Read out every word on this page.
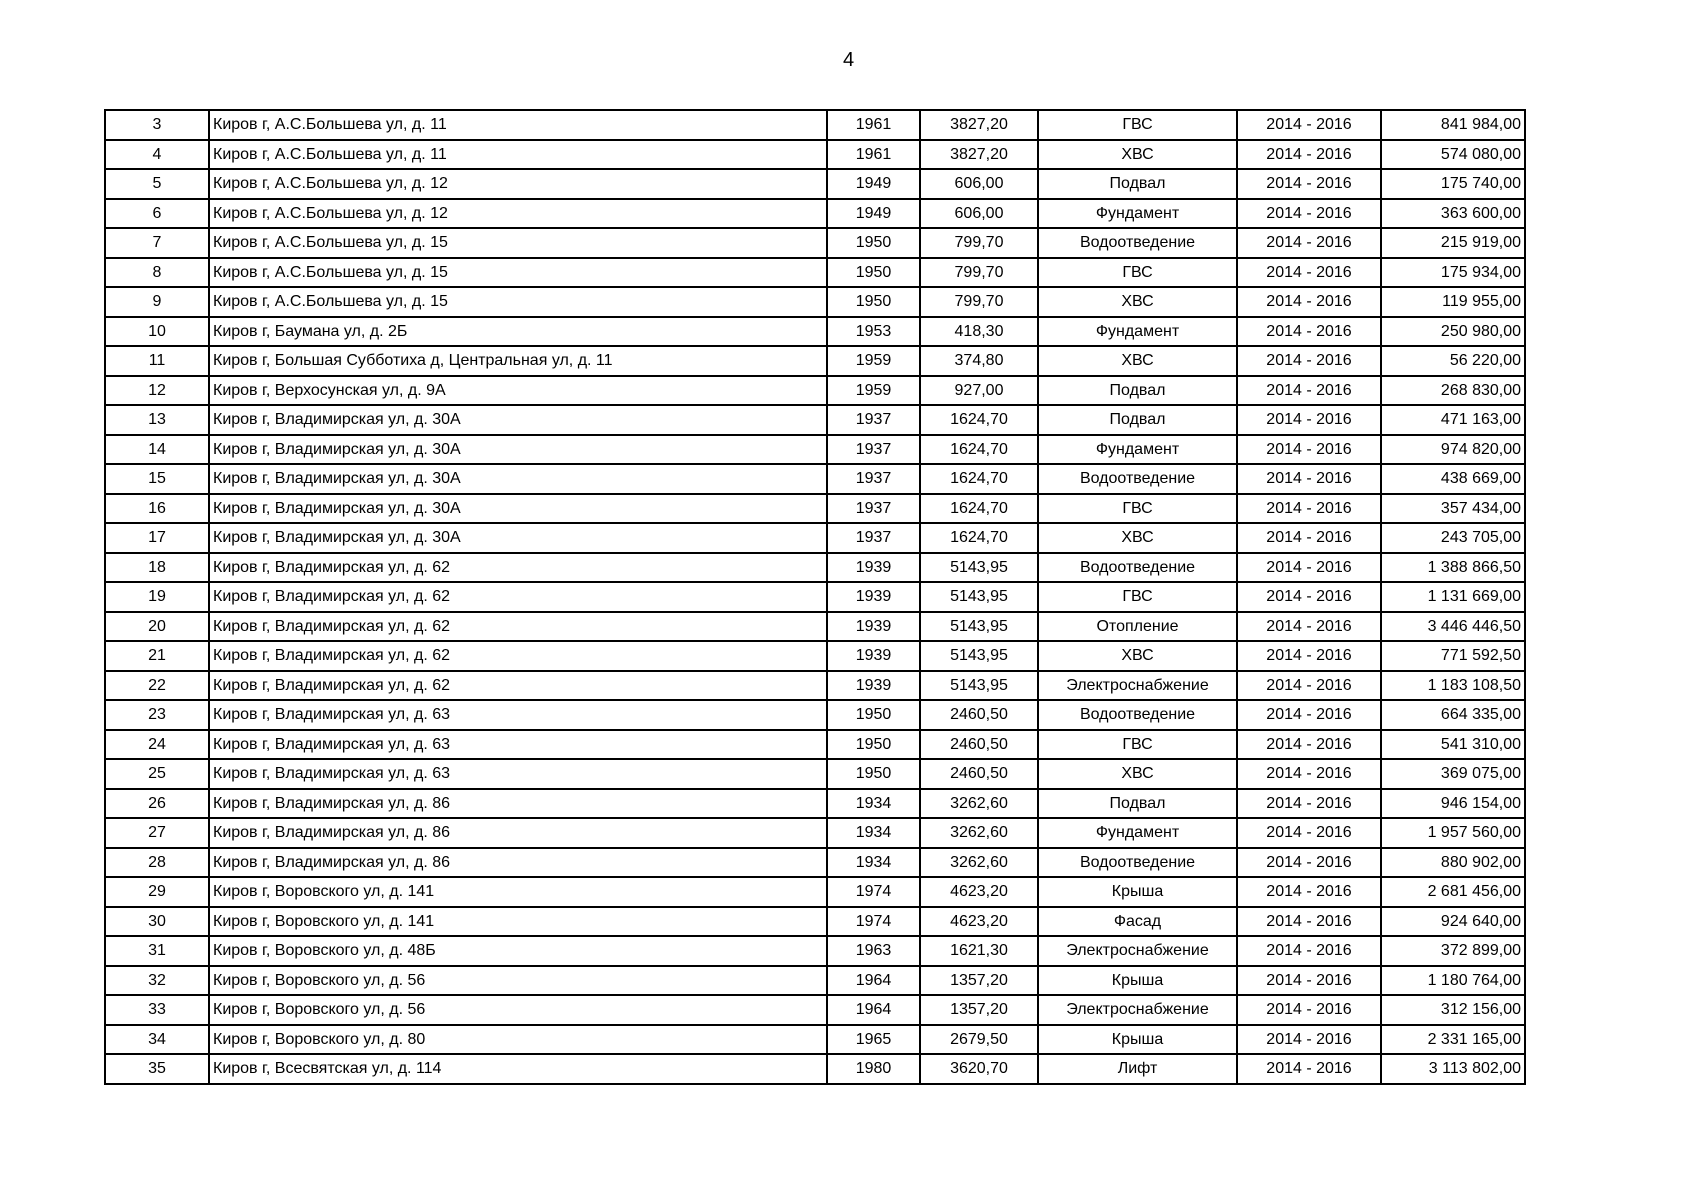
4
3	Киров г, А.С.Большева ул, д. 11	1961	3827,20	ГВС	2014 - 2016	841 984,00
4	Киров г, А.С.Большева ул, д. 11	1961	3827,20	ХВС	2014 - 2016	574 080,00
5	Киров г, А.С.Большева ул, д. 12	1949	606,00	Подвал	2014 - 2016	175 740,00
6	Киров г, А.С.Большева ул, д. 12	1949	606,00	Фундамент	2014 - 2016	363 600,00
7	Киров г, А.С.Большева ул, д. 15	1950	799,70	Водоотведение	2014 - 2016	215 919,00
8	Киров г, А.С.Большева ул, д. 15	1950	799,70	ГВС	2014 - 2016	175 934,00
9	Киров г, А.С.Большева ул, д. 15	1950	799,70	ХВС	2014 - 2016	119 955,00
10	Киров г, Баумана ул, д. 2Б	1953	418,30	Фундамент	2014 - 2016	250 980,00
11	Киров г, Большая Субботиха д, Центральная ул, д. 11	1959	374,80	ХВС	2014 - 2016	56 220,00
12	Киров г, Верхосунская ул, д. 9А	1959	927,00	Подвал	2014 - 2016	268 830,00
13	Киров г, Владимирская ул, д. 30А	1937	1624,70	Подвал	2014 - 2016	471 163,00
14	Киров г, Владимирская ул, д. 30А	1937	1624,70	Фундамент	2014 - 2016	974 820,00
15	Киров г, Владимирская ул, д. 30А	1937	1624,70	Водоотведение	2014 - 2016	438 669,00
16	Киров г, Владимирская ул, д. 30А	1937	1624,70	ГВС	2014 - 2016	357 434,00
17	Киров г, Владимирская ул, д. 30А	1937	1624,70	ХВС	2014 - 2016	243 705,00
18	Киров г, Владимирская ул, д. 62	1939	5143,95	Водоотведение	2014 - 2016	1 388 866,50
19	Киров г, Владимирская ул, д. 62	1939	5143,95	ГВС	2014 - 2016	1 131 669,00
20	Киров г, Владимирская ул, д. 62	1939	5143,95	Отопление	2014 - 2016	3 446 446,50
21	Киров г, Владимирская ул, д. 62	1939	5143,95	ХВС	2014 - 2016	771 592,50
22	Киров г, Владимирская ул, д. 62	1939	5143,95	Электроснабжение	2014 - 2016	1 183 108,50
23	Киров г, Владимирская ул, д. 63	1950	2460,50	Водоотведение	2014 - 2016	664 335,00
24	Киров г, Владимирская ул, д. 63	1950	2460,50	ГВС	2014 - 2016	541 310,00
25	Киров г, Владимирская ул, д. 63	1950	2460,50	ХВС	2014 - 2016	369 075,00
26	Киров г, Владимирская ул, д. 86	1934	3262,60	Подвал	2014 - 2016	946 154,00
27	Киров г, Владимирская ул, д. 86	1934	3262,60	Фундамент	2014 - 2016	1 957 560,00
28	Киров г, Владимирская ул, д. 86	1934	3262,60	Водоотведение	2014 - 2016	880 902,00
29	Киров г, Воровского ул, д. 141	1974	4623,20	Крыша	2014 - 2016	2 681 456,00
30	Киров г, Воровского ул, д. 141	1974	4623,20	Фасад	2014 - 2016	924 640,00
31	Киров г, Воровского ул, д. 48Б	1963	1621,30	Электроснабжение	2014 - 2016	372 899,00
32	Киров г, Воровского ул, д. 56	1964	1357,20	Крыша	2014 - 2016	1 180 764,00
33	Киров г, Воровского ул, д. 56	1964	1357,20	Электроснабжение	2014 - 2016	312 156,00
34	Киров г, Воровского ул, д. 80	1965	2679,50	Крыша	2014 - 2016	2 331 165,00
35	Киров г, Всесвятская ул, д. 114	1980	3620,70	Лифт	2014 - 2016	3 113 802,00
